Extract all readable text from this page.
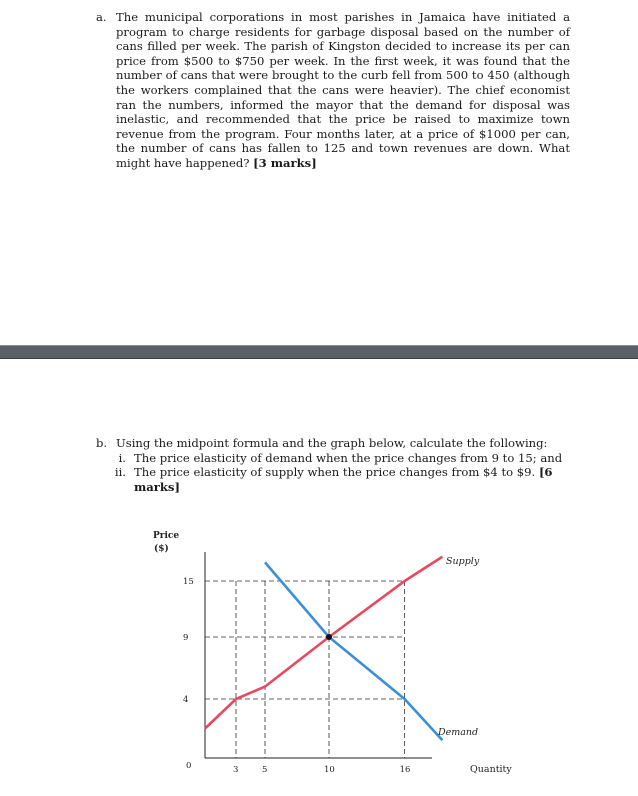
a. The municipal corporations in most parishes in Jamaica have initiated a program to charge residents for garbage disposal based on the number of cans filled per week. The parish of Kingston decided to increase its per can price from $500 to $750 per week. In the first week, it was found that the number of cans that were brought to the curb fell from 500 to 450 (although the workers complained that the cans were heavier). The chief economist ran the numbers, informed the mayor that the demand for disposal was inelastic, and recommended that the price be raised to maximize town revenue from the program. Four months later, at a price of $1000 per can, the number of cans has fallen to 125 and town revenues are down. What might have happened? [3 marks]
b. Using the midpoint formula and the graph below, calculate the following:
i. The price elasticity of demand when the price changes from 9 to 15; and
ii. The price elasticity of supply when the price changes from $4 to $9. [6 marks]
Price
($)
Quantity
Supply
Demand
0
4
9
15
3	5	10	16
